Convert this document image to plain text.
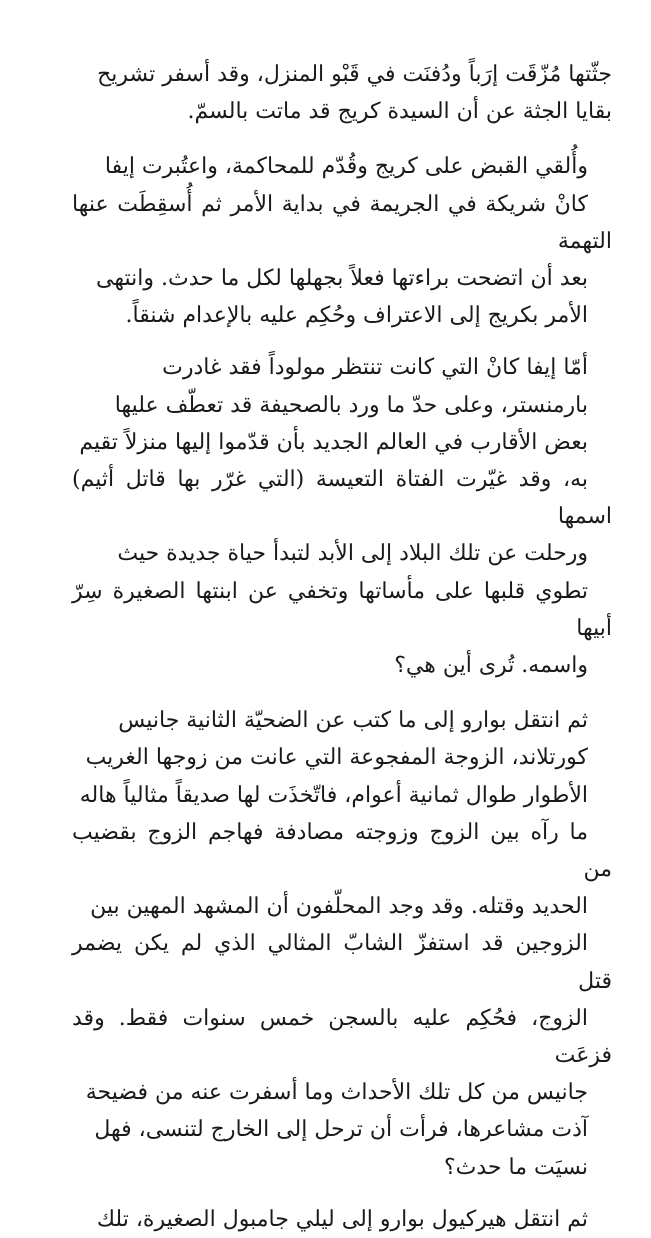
جثّتها مُزّقَت إرَباً ودُفنَت في قَبْو المنزل، وقد أسفر تشريح
بقايا الجثة عن أن السيدة كريج قد ماتت بالسمّ.

وأُلقي القبض على كريج وقُدّم للمحاكمة، واعتُبرت إيفا
كانْ شريكة في الجريمة في بداية الأمر ثم أُسقِطَت عنها التهمة
بعد أن اتضحت براءتها فعلاً بجهلها لكل ما حدث. وانتهى
الأمر بكريج إلى الاعتراف وحُكِم عليه بالإعدام شنقاً.

أمّا إيفا كانْ التي كانت تنتظر مولوداً فقد غادرت
بارمنستر، وعلى حدّ ما ورد بالصحيفة قد تعطّف عليها
بعض الأقارب في العالم الجديد بأن قدّموا إليها منزلاً تقيم
به، وقد غيّرت الفتاة التعيسة (التي غرّر بها قاتل أثيم) اسمها
ورحلت عن تلك البلاد إلى الأبد لتبدأ حياة جديدة حيث
تطوي قلبها على مأساتها وتخفي عن ابنتها الصغيرة سِرّ أبيها
واسمه. تُرى أين هي؟

ثم انتقل بوارو إلى ما كتب عن الضحيّة الثانية جانيس
كورتلاند، الزوجة المفجوعة التي عانت من زوجها الغريب
الأطوار طوال ثمانية أعوام، فاتّخذَت لها صديقاً مثالياً هاله
ما رآه بين الزوج وزوجته مصادفة فهاجم الزوج بقضيب من
الحديد وقتله. وقد وجد المحلّفون أن المشهد المهين بين
الزوجين قد استفزّ الشابّ المثالي الذي لم يكن يضمر قتل
الزوج، فحُكِم عليه بالسجن خمس سنوات فقط. وقد فزعَت
جانيس من كل تلك الأحداث وما أسفرت عنه من فضيحة
آذت مشاعرها، فرأت أن ترحل إلى الخارج لتنسى، فهل
نسيَت ما حدث؟

ثم انتقل هيركيول بوارو إلى ليلي جامبول الصغيرة، تلك
